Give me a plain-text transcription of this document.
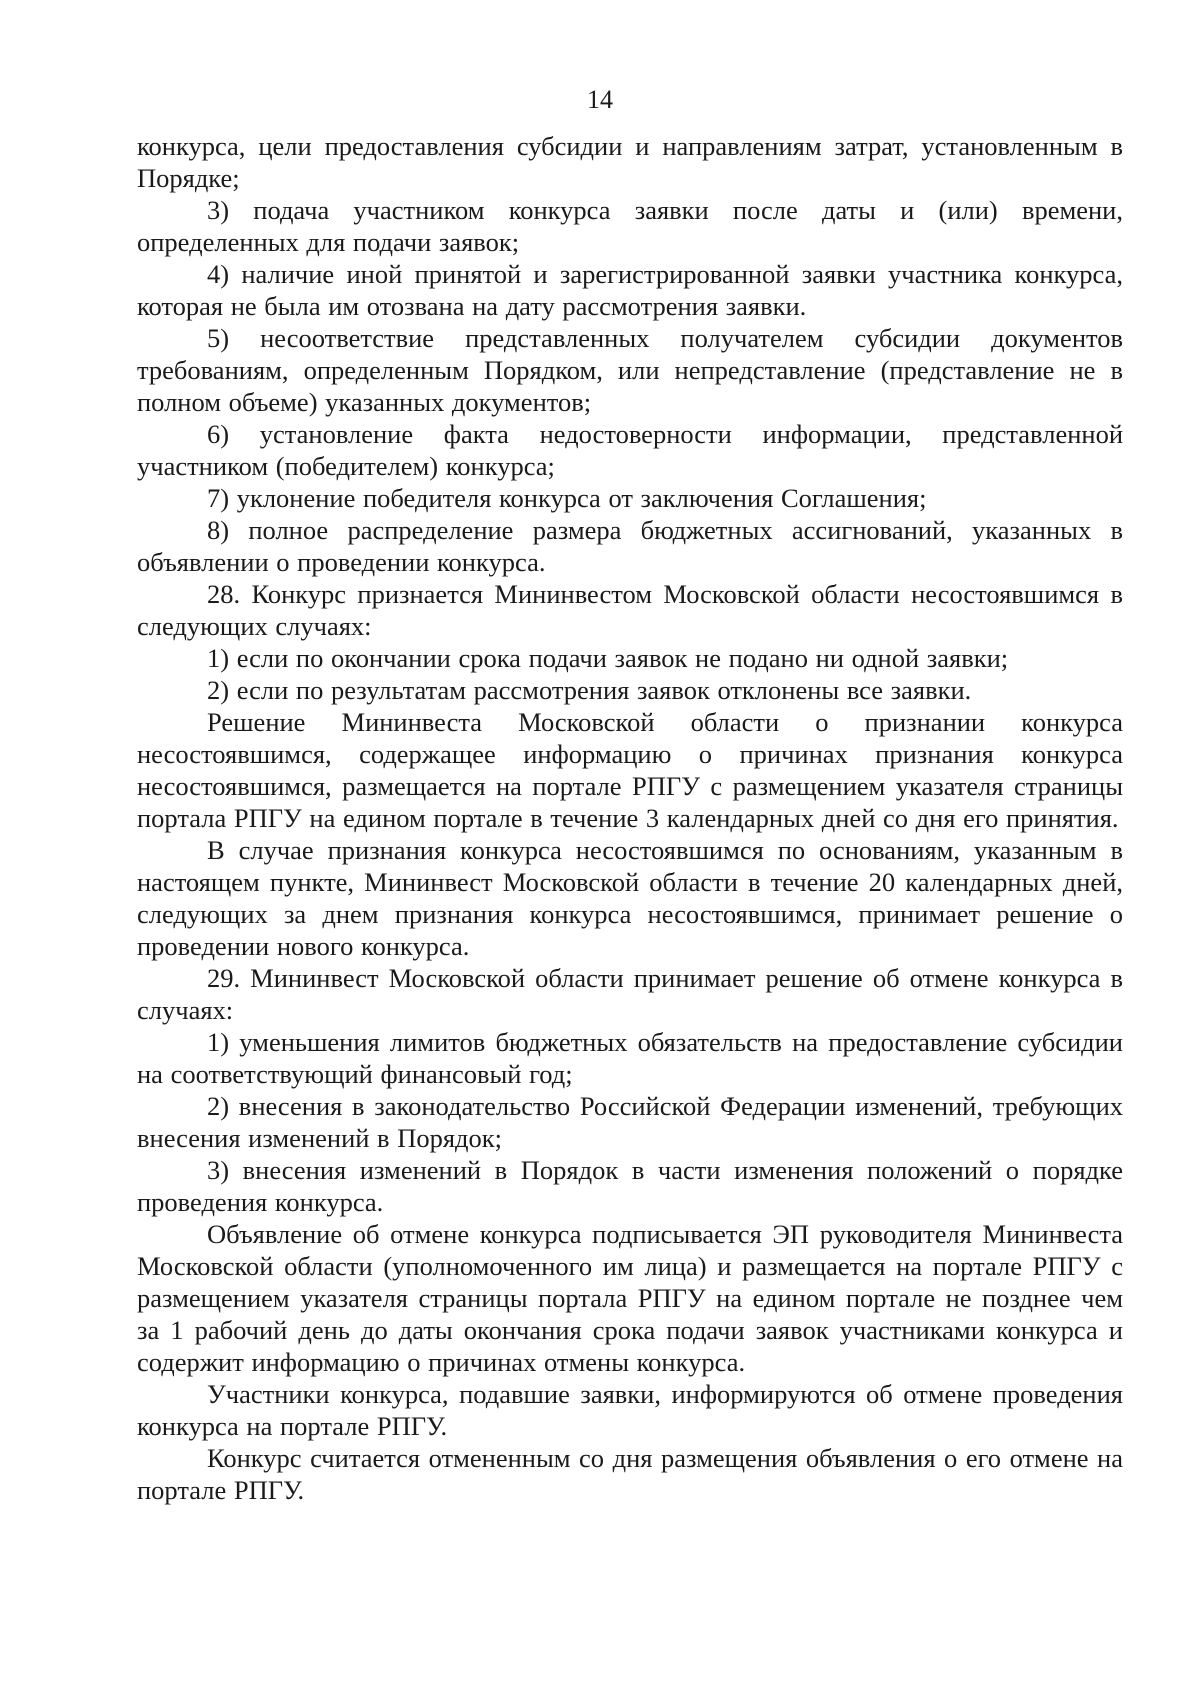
14

конкурса, цели предоставления субсидии и направлениям затрат, установленным в Порядке;

3) подача участником конкурса заявки после даты и (или) времени, определенных для подачи заявок;

4) наличие иной принятой и зарегистрированной заявки участника конкурса, которая не была им отозвана на дату рассмотрения заявки.

5) несоответствие представленных получателем субсидии документов требованиям, определенным Порядком, или непредставление (представление не в полном объеме) указанных документов;

6) установление факта недостоверности информации, представленной участником (победителем) конкурса;

7) уклонение победителя конкурса от заключения Соглашения;

8) полное распределение размера бюджетных ассигнований, указанных в объявлении о проведении конкурса.

28. Конкурс признается Мининвестом Московской области несостоявшимся в следующих случаях:

1) если по окончании срока подачи заявок не подано ни одной заявки;

2) если по результатам рассмотрения заявок отклонены все заявки.

Решение Мининвеста Московской области о признании конкурса несостоявшимся, содержащее информацию о причинах признания конкурса несостоявшимся, размещается на портале РПГУ с размещением указателя страницы портала РПГУ на едином портале в течение 3 календарных дней со дня его принятия.

В случае признания конкурса несостоявшимся по основаниям, указанным в настоящем пункте, Мининвест Московской области в течение 20 календарных дней, следующих за днем признания конкурса несостоявшимся, принимает решение о проведении нового конкурса.

29. Мининвест Московской области принимает решение об отмене конкурса в случаях:

1) уменьшения лимитов бюджетных обязательств на предоставление субсидии на соответствующий финансовый год;

2) внесения в законодательство Российской Федерации изменений, требующих внесения изменений в Порядок;

3) внесения изменений в Порядок в части изменения положений о порядке проведения конкурса.

Объявление об отмене конкурса подписывается ЭП руководителя Мининвеста Московской области (уполномоченного им лица) и размещается на портале РПГУ с размещением указателя страницы портала РПГУ на едином портале не позднее чем за 1 рабочий день до даты окончания срока подачи заявок участниками конкурса и содержит информацию о причинах отмены конкурса.

Участники конкурса, подавшие заявки, информируются об отмене проведения конкурса на портале РПГУ.

Конкурс считается отмененным со дня размещения объявления о его отмене на портале РПГУ.
